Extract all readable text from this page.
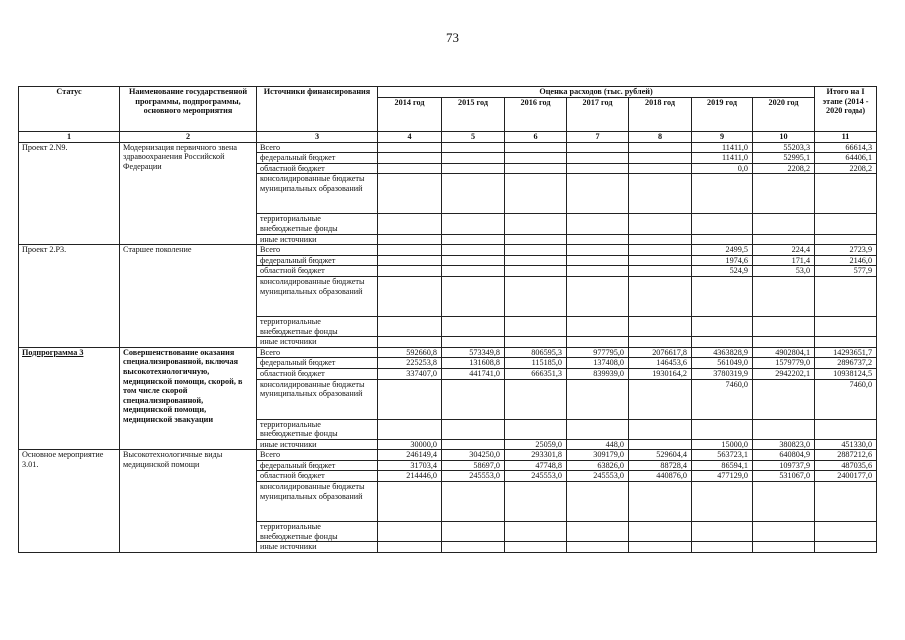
73
Статус	Наименование государственной программы, подпрограммы, основного мероприятия	Источники финансирования	Оценка расходов (тыс. рублей)							Итого на I этапе (2014 - 2020 годы)
			2014 год	2015 год	2016 год	2017 год	2018 год	2019 год	2020 год	
1	2	3	4	5	6	7	8	9	10	11
Проект 2.N9.	Модернизация первичного звена здравоохранения Российской Федерации	Всего						11411,0	55203,3	66614,3
		федеральный бюджет						11411,0	52995,1	64406,1
		областной бюджет						0,0	2208,2	2208,2
		консолидированные бюджеты муниципальных образований								
		территориальные внебюджетные фонды								
		иные источники								
Проект 2.Р3.	Старшее поколение	Всего						2499,5	224,4	2723,9
		федеральный бюджет						1974,6	171,4	2146,0
		областной бюджет						524,9	53,0	577,9
		консолидированные бюджеты муниципальных образований								
		территориальные внебюджетные фонды								
		иные источники								
Подпрограмма 3	Совершенствование оказания специализированной, включая высокотехнологичную, медицинской помощи, скорой, в том числе скорой специализированной, медицинской помощи, медицинской эвакуации	Всего	592660,8	573349,8	806595,3	977795,0	2076617,8	4363828,9	4902804,1	14293651,7
		федеральный бюджет	225253,8	131608,8	115185,0	137408,0	146453,6	561049,0	1579779,0	2896737,2
		областной бюджет	337407,0	441741,0	666351,3	839939,0	1930164,2	3780319,9	2942202,1	10938124,5
		консолидированные бюджеты муниципальных образований						7460,0		7460,0
		территориальные внебюджетные фонды								
		иные источники	30000,0		25059,0	448,0		15000,0	380823,0	451330,0
Основное мероприятие 3.01.	Высокотехнологичные виды медицинской помощи	Всего	246149,4	304250,0	293301,8	309179,0	529604,4	563723,1	640804,9	2887212,6
		федеральный бюджет	31703,4	58697,0	47748,8	63826,0	88728,4	86594,1	109737,9	487035,6
		областной бюджет	214446,0	245553,0	245553,0	245553,0	440876,0	477129,0	531067,0	2400177,0
		консолидированные бюджеты муниципальных образований								
		территориальные внебюджетные фонды								
		иные источники								
